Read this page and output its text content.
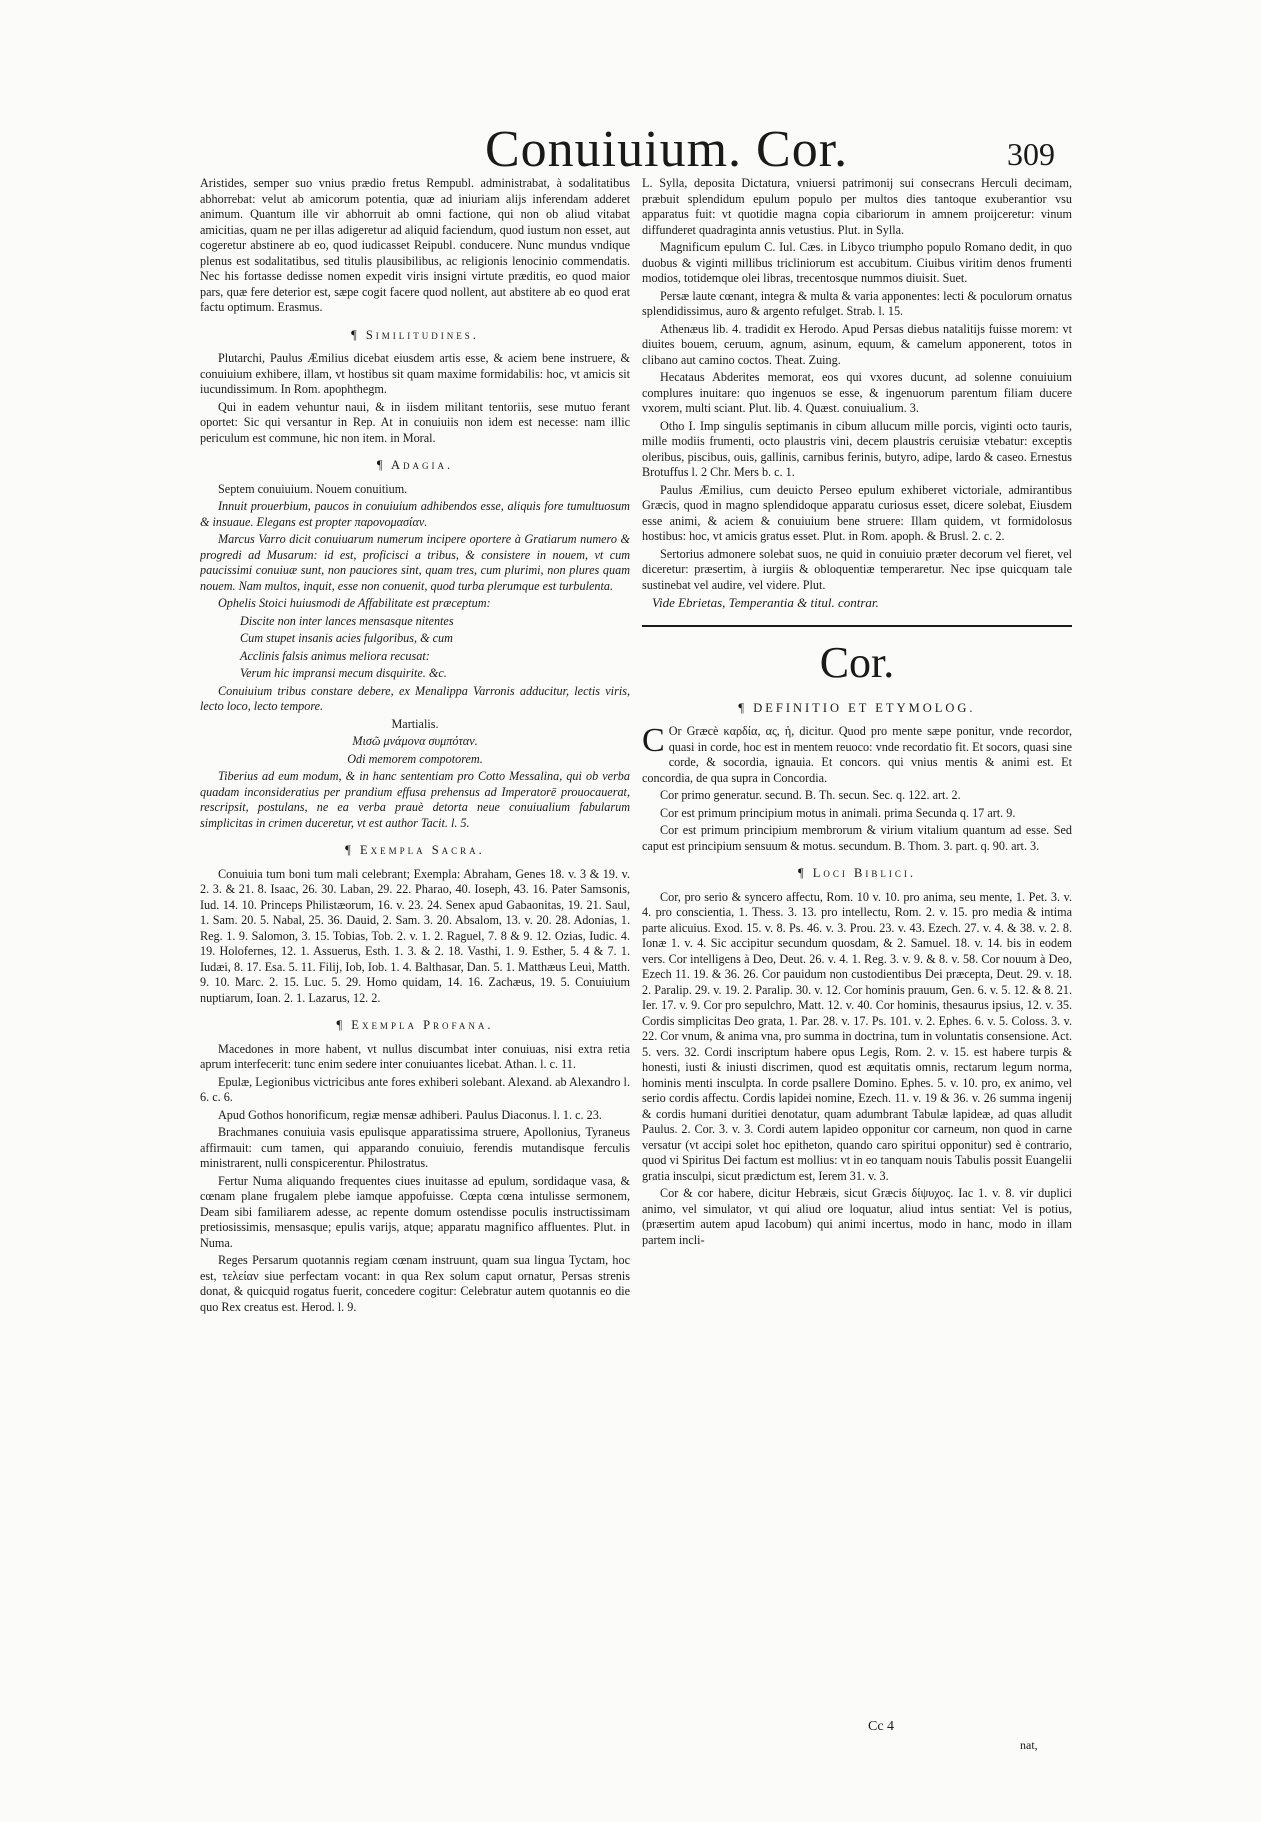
Conuiuium. Cor.	309

Aristides, semper suo vnius prædio fretus Rempubl. administrabat, à sodalitatibus abhorrebat: velut ab amicorum potentia, quæ ad iniuriam alijs inferendam adderet animum. Quantum ille vir abhorruit ab omni factione, qui non ob aliud vitabat amicitias, quam ne per illas adigeretur ad aliquid faciendum, quod iustum non esset, aut cogeretur abstinere ab eo, quod iudicasset Reipubl. conducere. Nunc mundus vndique plenus est sodalitatibus, sed titulis plausibilibus, ac religionis lenocinio commendatis. Nec his fortasse dedisse nomen expedit viris insigni virtute præditis, eo quod maior pars, quæ fere deterior est, sæpe cogit facere quod nollent, aut abstitere ab eo quod erat factu optimum. Erasmus.

¶ Similitudines.

Plutarchi, Paulus Æmilius dicebat eiusdem artis esse, & aciem bene instruere, & conuiuium exhibere, illam, vt hostibus sit quam maxime formidabilis: hoc, vt amicis sit iucundissimum. In Rom. apophthegm.

Qui in eadem vehuntur naui, & in iisdem militant tentoriis, sese mutuo ferant oportet: Sic qui versantur in Rep. At in conuiuiis non idem est necesse: nam illic periculum est commune, hic non item. in Moral.

¶ Adagia.

Septem conuiuium. Nouem conuitium.

Innuit prouerbium, paucos in conuiuium adhibendos esse, aliquis fore tumultuosum & insuaue. Elegans est propter παρονομασίαν.

Marcus Varro dicit conuiuarum numerum incipere oportere à Gratiarum numero & progredi ad Musarum: id est, proficisci a tribus, & consistere in nouem, vt cum paucissimi conuiuæ sunt, non pauciores sint, quam tres, cum plurimi, non plures quam nouem. Nam multos, inquit, esse non conuenit, quod turba plerumque est turbulenta.

Ophelis Stoici huiusmodi de Affabilitate est præceptum:

Discite non inter lances mensasque nitentes

Cum stupet insanis acies fulgoribus, & cum

Acclinis falsis animus meliora recusat:

Verum hic impransi mecum disquirite. &c.

Conuiuium tribus constare debere, ex Menalippa Varronis adducitur, lectis viris, lecto loco, lecto tempore.

Martialis.

Μισῶ μνάμονα συμπόταν.

Odi memorem compotorem.

Tiberius ad eum modum, & in hanc sententiam pro Cotto Messalina, qui ob verba quadam inconsideratius per prandium effusa prehensus ad Imperatorē prouocauerat, rescripsit, postulans, ne ea verba prauè detorta neue conuiualium fabularum simplicitas in crimen duceretur, vt est author Tacit. l. 5.

¶ Exempla Sacra.

Conuiuia tum boni tum mali celebrant; Exempla: Abraham, Genes 18. v. 3 & 19. v. 2. 3. & 21. 8. Isaac, 26. 30. Laban, 29. 22. Pharao, 40. Ioseph, 43. 16. Pater Samsonis, Iud. 14. 10. Princeps Philistæorum, 16. v. 23. 24. Senex apud Gabaonitas, 19. 21. Saul, 1. Sam. 20. 5. Nabal, 25. 36. Dauid, 2. Sam. 3. 20. Absalom, 13. v. 20. 28. Adonias, 1. Reg. 1. 9. Salomon, 3. 15. Tobias, Tob. 2. v. 1. 2. Raguel, 7. 8 & 9. 12. Ozias, Iudic. 4. 19. Holofernes, 12. 1. Assuerus, Esth. 1. 3. & 2. 18. Vasthi, 1. 9. Esther, 5. 4 & 7. 1. Iudæi, 8. 17. Esa. 5. 11. Filij, Iob, Iob. 1. 4. Balthasar, Dan. 5. 1. Matthæus Leui, Matth. 9. 10. Marc. 2. 15. Luc. 5. 29. Homo quidam, 14. 16. Zachæus, 19. 5. Conuiuium nuptiarum, Ioan. 2. 1. Lazarus, 12. 2.

¶ Exempla Profana.

Macedones in more habent, vt nullus discumbat inter conuiuas, nisi extra retia aprum interfecerit: tunc enim sedere inter conuiuantes licebat. Athan. l. c. 11.

Epulæ, Legionibus victricibus ante fores exhiberi solebant. Alexand. ab Alexandro l. 6. c. 6.

Apud Gothos honorificum, regiæ mensæ adhiberi. Paulus Diaconus. l. 1. c. 23.

Brachmanes conuiuia vasis epulisque apparatissima struere, Apollonius, Tyraneus affirmauit: cum tamen, qui apparando conuiuio, ferendis mutandisque ferculis ministrarent, nulli conspicerentur. Philostratus.

Fertur Numa aliquando frequentes ciues inuitasse ad epulum, sordidaque vasa, & cœnam plane frugalem plebe iamque appofuisse. Cœpta cœna intulisse sermonem, Deam sibi familiarem adesse, ac repente domum ostendisse poculis instructissimam pretiosissimis, mensasque; epulis varijs, atque; apparatu magnifico affluentes. Plut. in Numa.

Reges Persarum quotannis regiam cœnam instruunt, quam sua lingua Tyctam, hoc est, τελείαν siue perfectam vocant: in qua Rex solum caput ornatur, Persas strenis donat, & quicquid rogatus fuerit, concedere cogitur: Celebratur autem quotannis eo die quo Rex creatus est. Herod. l. 9.

L. Sylla, deposita Dictatura, vniuersi patrimonij sui consecrans Herculi decimam, præbuit splendidum epulum populo per multos dies tantoque exuberantior vsu apparatus fuit: vt quotidie magna copia cibariorum in amnem proijceretur: vinum diffunderet quadraginta annis vetustius. Plut. in Sylla.

Magnificum epulum C. Iul. Cæs. in Libyco triumpho populo Romano dedit, in quo duobus & viginti millibus tricliniorum est accubitum. Ciuibus viritim denos frumenti modios, totidemque olei libras, trecentosque nummos diuisit. Suet.

Persæ laute cœnant, integra & multa & varia apponentes: lecti & poculorum ornatus splendidissimus, auro & argento refulget. Strab. l. 15.

Athenæus lib. 4. tradidit ex Herodo. Apud Persas diebus natalitijs fuisse morem: vt diuites bouem, ceruum, agnum, asinum, equum, & camelum apponerent, totos in clibano aut camino coctos. Theat. Zuing.

Hecataus Abderites memorat, eos qui vxores ducunt, ad solenne conuiuium complures inuitare: quo ingenuos se esse, & ingenuorum parentum filiam ducere vxorem, multi sciant. Plut. lib. 4. Quæst. conuiualium. 3.

Otho I. Imp singulis septimanis in cibum allucum mille porcis, viginti octo tauris, mille modiis frumenti, octo plaustris vini, decem plaustris ceruisiæ vtebatur: exceptis oleribus, piscibus, ouis, gallinis, carnibus ferinis, butyro, adipe, lardo & caseo. Ernestus Brotuffus l. 2 Chr. Mers b. c. 1.

Paulus Æmilius, cum deuicto Perseo epulum exhiberet victoriale, admirantibus Græcis, quod in magno splendidoque apparatu curiosus esset, dicere solebat, Eiusdem esse animi, & aciem & conuiuium bene struere: Illam quidem, vt formidolosus hostibus: hoc, vt amicis gratus esset. Plut. in Rom. apoph. & Brusl. 2. c. 2.

Sertorius admonere solebat suos, ne quid in conuiuio præter decorum vel fieret, vel diceretur: præsertim, à iurgiis & obloquentiæ temperaretur. Nec ipse quicquam tale sustinebat vel audire, vel videre. Plut.

Vide Ebrietas, Temperantia & titul. contrar.

Cor.
¶ DEFINITIO ET ETYMOLOG.

C Or Græcè καρδία, ας, ἡ, dicitur. Quod pro mente sæpe ponitur, vnde recordor, quasi in corde, hoc est in mentem reuoco: vnde recordatio fit. Et socors, quasi sine corde, & socordia, ignauia. Et concors. qui vnius mentis & animi est. Et concordia, de qua supra in Concordia.

Cor primo generatur. secund. B. Th. secun. Sec. q. 122. art. 2.

Cor est primum principium motus in animali. prima Secunda q. 17 art. 9.

Cor est primum principium membrorum & virium vitalium quantum ad esse. Sed caput est principium sensuum & motus. secundum. B. Thom. 3. part. q. 90. art. 3.

¶ Loci Biblici.

Cor, pro serio & syncero affectu, Rom. 10 v. 10. pro anima, seu mente, 1. Pet. 3. v. 4. pro conscientia, 1. Thess. 3. 13. pro intellectu, Rom. 2. v. 15. pro media & intima parte alicuius. Exod. 15. v. 8. Ps. 46. v. 3. Prou. 23. v. 43. Ezech. 27. v. 4. & 38. v. 2. 8. Ionæ 1. v. 4. Sic accipitur secundum quosdam, & 2. Samuel. 18. v. 14. bis in eodem vers. Cor intelligens à Deo, Deut. 26. v. 4. 1. Reg. 3. v. 9. & 8. v. 58. Cor nouum à Deo, Ezech 11. 19. & 36. 26. Cor pauidum non custodientibus Dei præcepta, Deut. 29. v. 18. 2. Paralip. 29. v. 19. 2. Paralip. 30. v. 12. Cor hominis prauum, Gen. 6. v. 5. 12. & 8. 21. Ier. 17. v. 9. Cor pro sepulchro, Matt. 12. v. 40. Cor hominis, thesaurus ipsius, 12. v. 35. Cordis simplicitas Deo grata, 1. Par. 28. v. 17. Ps. 101. v. 2. Ephes. 6. v. 5. Coloss. 3. v. 22. Cor vnum, & anima vna, pro summa in doctrina, tum in voluntatis consensione. Act. 5. vers. 32. Cordi inscriptum habere opus Legis, Rom. 2. v. 15. est habere turpis & honesti, iusti & iniusti discrimen, quod est æquitatis omnis, rectarum legum norma, hominis menti insculpta. In corde psallere Domino. Ephes. 5. v. 10. pro, ex animo, vel serio cordis affectu. Cordis lapidei nomine, Ezech. 11. v. 19 & 36. v. 26 summa ingenij & cordis humani duritiei denotatur, quam adumbrant Tabulæ lapideæ, ad quas alludit Paulus. 2. Cor. 3. v. 3. Cordi autem lapideo opponitur cor carneum, non quod in carne versatur (vt accipi solet hoc epitheton, quando caro spiritui opponitur) sed è contrario, quod vi Spiritus Dei factum est mollius: vt in eo tanquam nouis Tabulis possit Euangelii gratia insculpi, sicut prædictum est, Ierem 31. v. 3.

Cor & cor habere, dicitur Hebræis, sicut Græcis δίψυχος. Iac 1. v. 8. vir duplici animo, vel simulator, vt qui aliud ore loquatur, aliud intus sentiat: Vel is potius, (præsertim autem apud Iacobum) qui animi incertus, modo in hanc, modo in illam partem incli-

Cc 4
nat,
